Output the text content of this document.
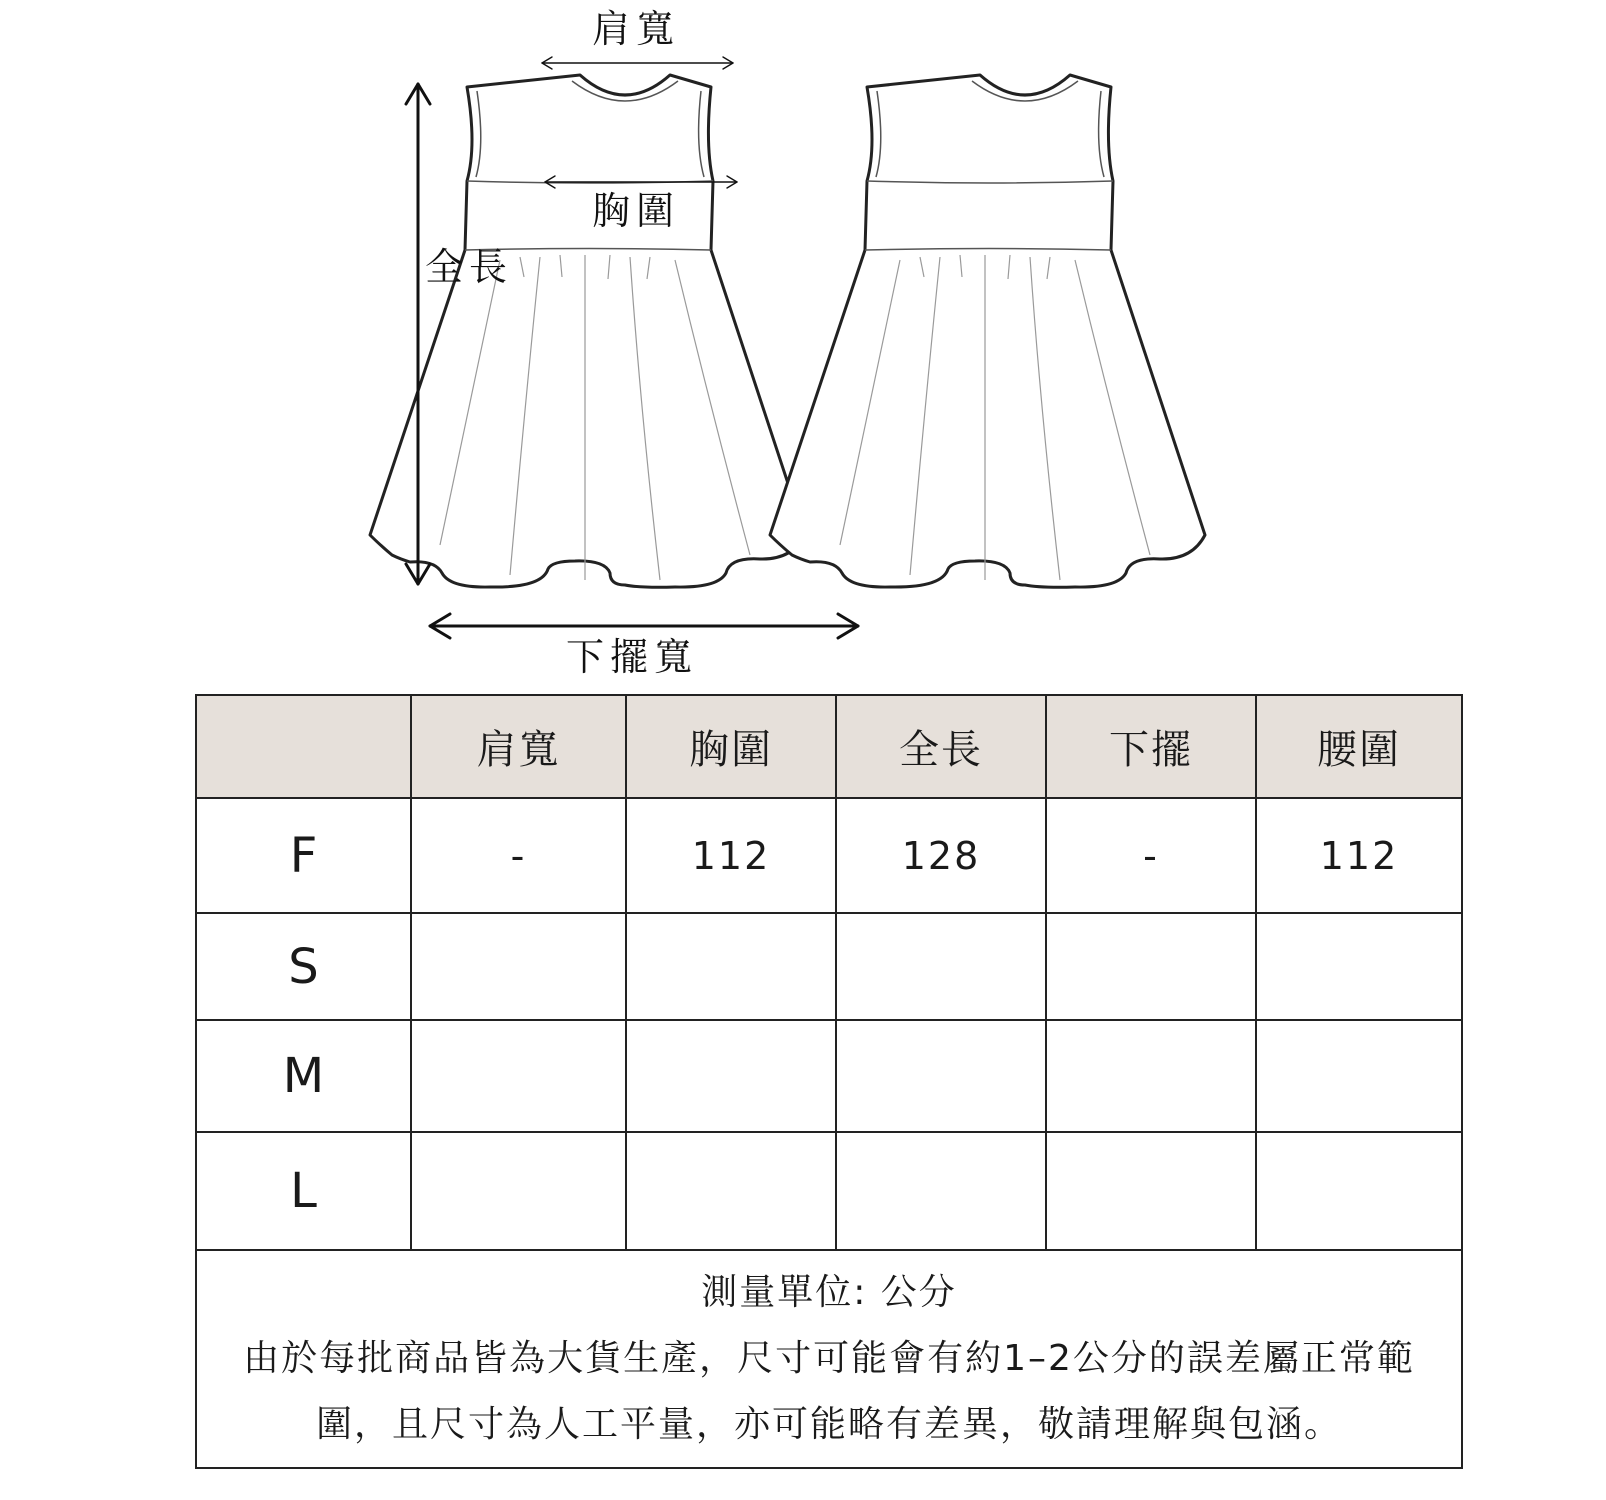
肩寬
胸圍
全長
下擺寬
	肩寬	胸圍	全長	下擺	腰圍
F	-	112	128	-	112
S					
M					
L					

測量單位: 公分
由於每批商品皆為大貨生產，尺寸可能會有約1–2公分的誤差屬正常範圍，且尺寸為人工平量，亦可能略有差異，敬請理解與包涵。					
